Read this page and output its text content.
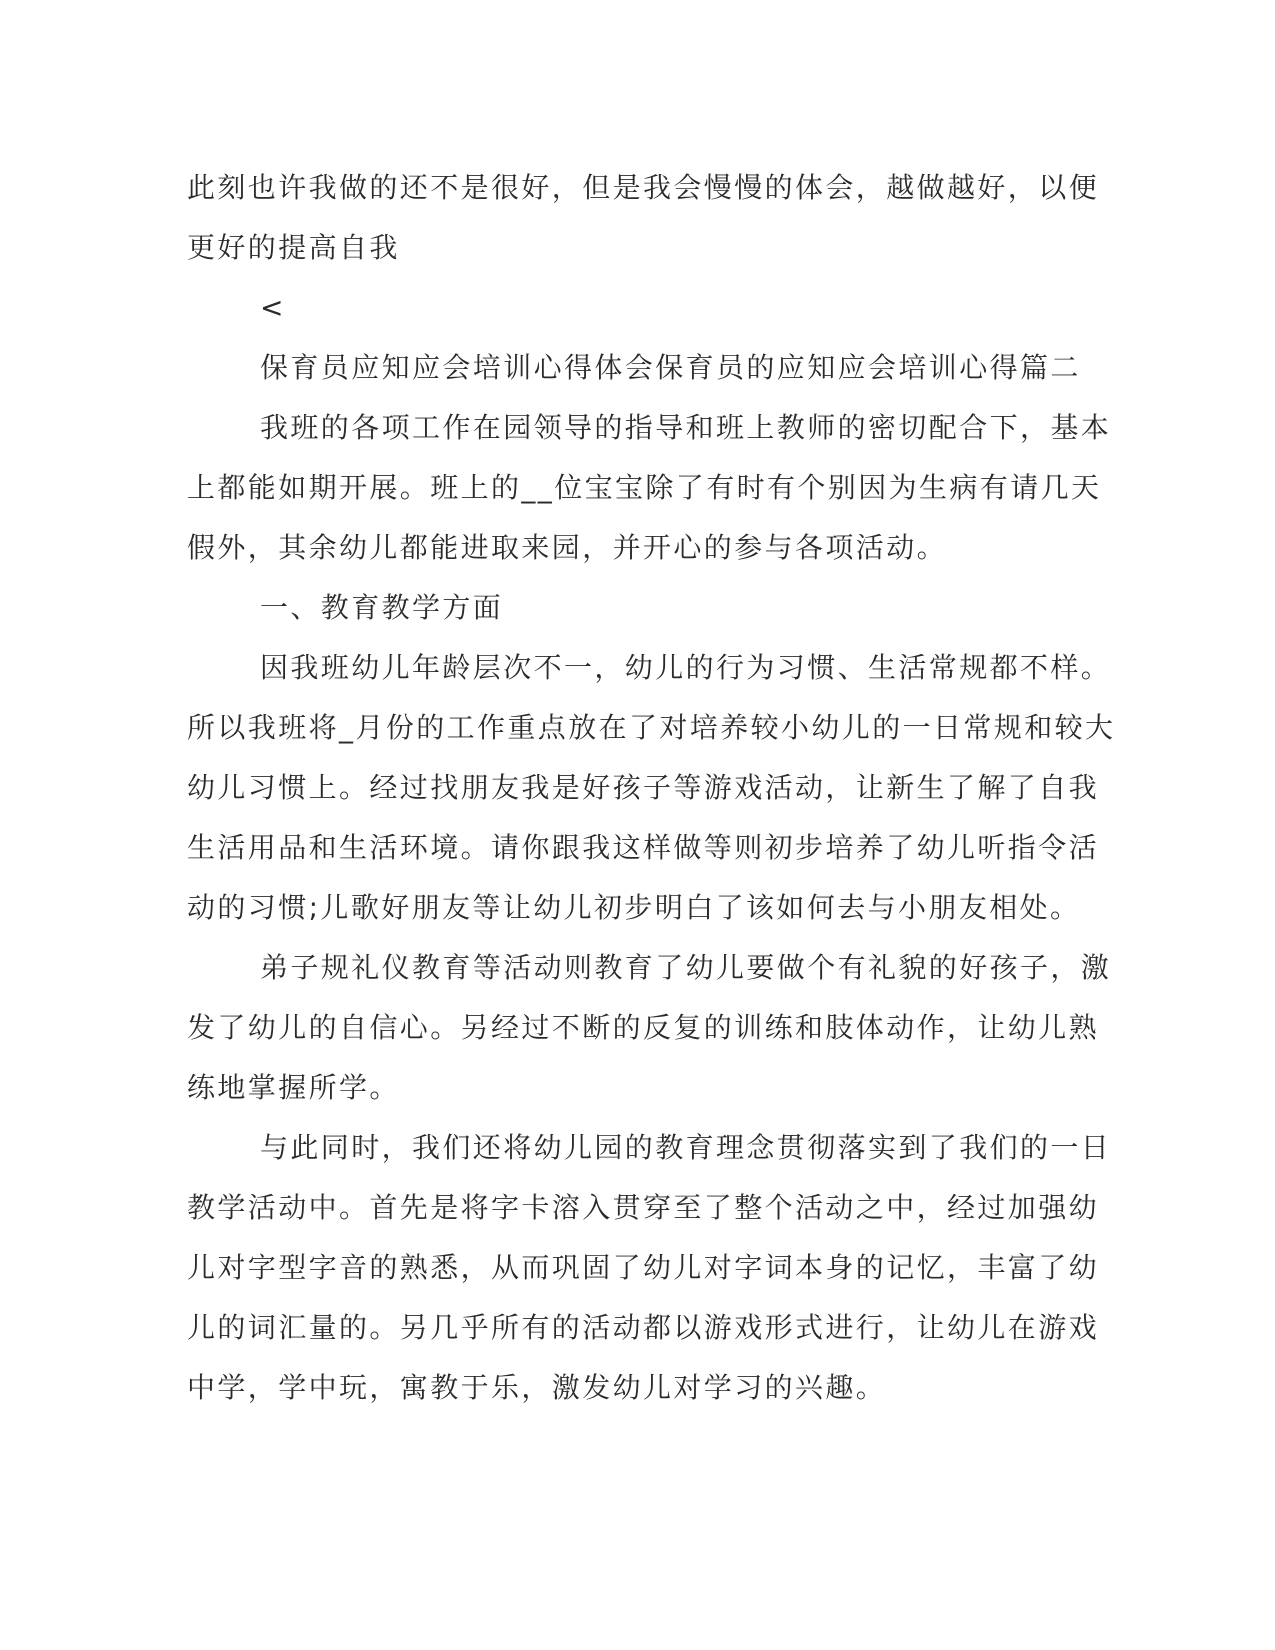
此刻也许我做的还不是很好，但是我会慢慢的体会，越做越好，以便
更好的提高自我

<

保育员应知应会培训心得体会保育员的应知应会培训心得篇二

我班的各项工作在园领导的指导和班上教师的密切配合下，基本
上都能如期开展。班上的__位宝宝除了有时有个别因为生病有请几天
假外，其余幼儿都能进取来园，并开心的参与各项活动。

一、教育教学方面

因我班幼儿年龄层次不一，幼儿的行为习惯、生活常规都不样。
所以我班将_月份的工作重点放在了对培养较小幼儿的一日常规和较大
幼儿习惯上。经过找朋友我是好孩子等游戏活动，让新生了解了自我
生活用品和生活环境。请你跟我这样做等则初步培养了幼儿听指令活
动的习惯;儿歌好朋友等让幼儿初步明白了该如何去与小朋友相处。

弟子规礼仪教育等活动则教育了幼儿要做个有礼貌的好孩子，激
发了幼儿的自信心。另经过不断的反复的训练和肢体动作，让幼儿熟
练地掌握所学。

与此同时，我们还将幼儿园的教育理念贯彻落实到了我们的一日
教学活动中。首先是将字卡溶入贯穿至了整个活动之中，经过加强幼
儿对字型字音的熟悉，从而巩固了幼儿对字词本身的记忆，丰富了幼
儿的词汇量的。另几乎所有的活动都以游戏形式进行，让幼儿在游戏
中学，学中玩，寓教于乐，激发幼儿对学习的兴趣。
